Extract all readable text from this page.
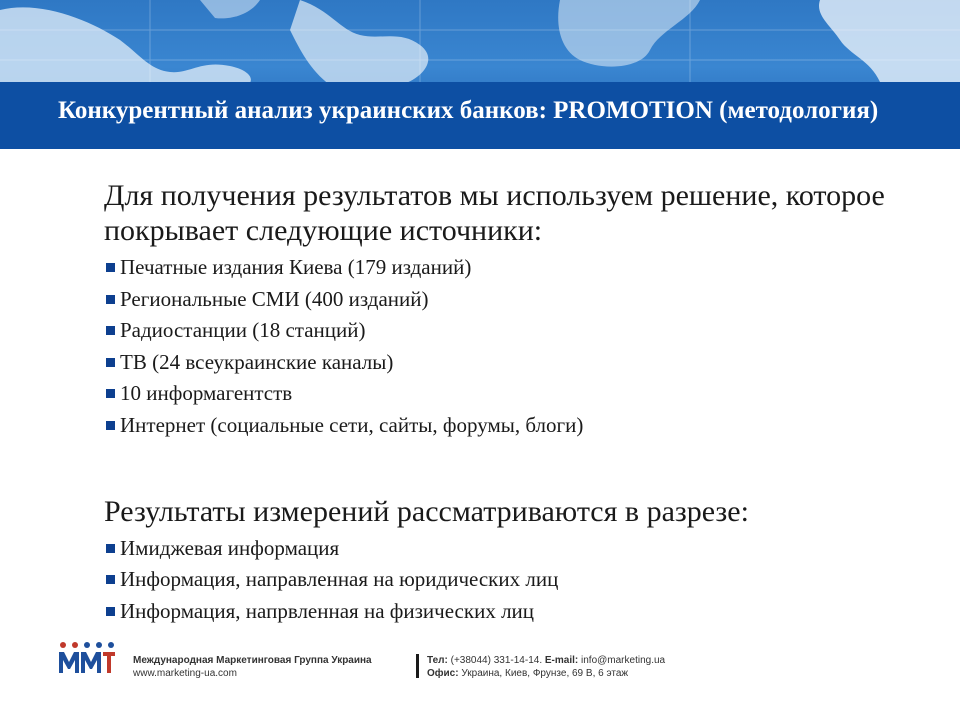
Конкурентный анализ украинских банков: PROMOTION (методология)

Для получения результатов мы используем решение, которое покрывает следующие источники:

Печатные издания Киева (179 изданий)
Региональные СМИ (400 изданий)
Радиостанции (18 станций)
ТВ (24 всеукраинские каналы)
10 информагентств
Интернет (социальные сети, сайты, форумы, блоги)

Результаты измерений рассматриваются в разрезе:

Имиджевая информация
Информация, направленная на юридических лиц
Информация, напрвленная на физических лиц
Международная Маркетинговая Группа Украина
www.marketing-ua.com
Тел: (+38044) 331-14-14. E-mail: info@marketing.ua
Офис: Украина, Киев, Фрунзе, 69 В, 6 этаж
